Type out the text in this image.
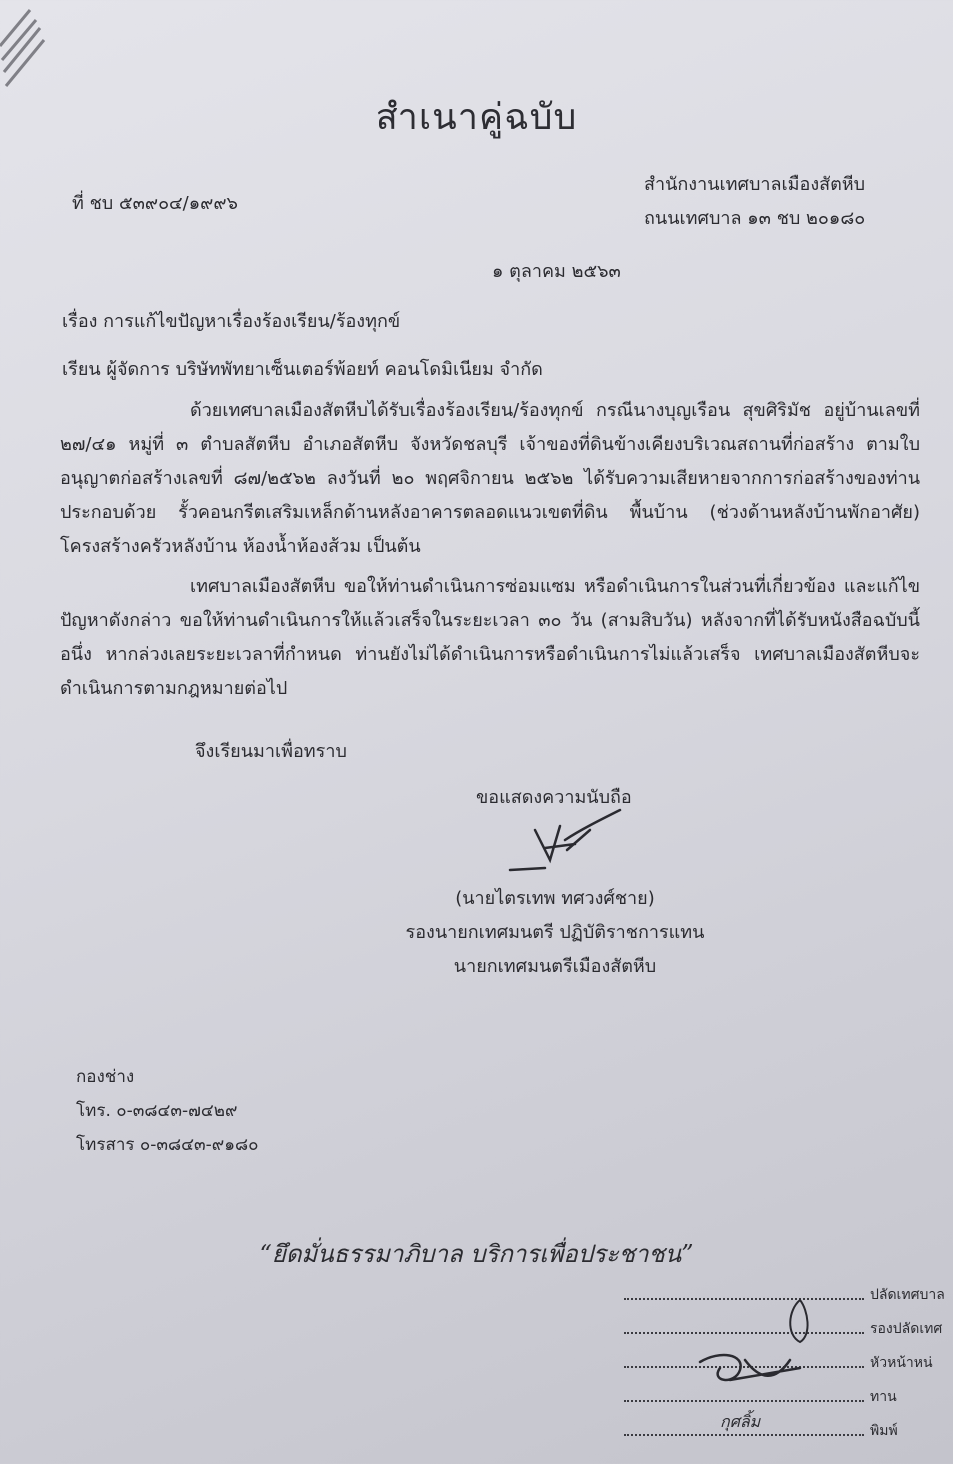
สำเนาคู่ฉบับ
ที่ ชบ ๕๓๙๐๔/๑๙๙๖
สำนักงานเทศบาลเมืองสัตหีบ
ถนนเทศบาล ๑๓ ชบ ๒๐๑๘๐
๑ ตุลาคม ๒๕๖๓
เรื่อง การแก้ไขปัญหาเรื่องร้องเรียน/ร้องทุกข์
เรียน ผู้จัดการ บริษัทพัทยาเซ็นเตอร์พ้อยท์ คอนโดมิเนียม จำกัด
ด้วยเทศบาลเมืองสัตหีบได้รับเรื่องร้องเรียน/ร้องทุกข์ กรณีนางบุญเรือน สุขศิริมัช อยู่บ้านเลขที่ ๒๗/๔๑ หมู่ที่ ๓ ตำบลสัตหีบ อำเภอสัตหีบ จังหวัดชลบุรี เจ้าของที่ดินข้างเคียงบริเวณสถานที่ก่อสร้าง ตามใบอนุญาตก่อสร้างเลขที่ ๘๗/๒๕๖๒ ลงวันที่ ๒๐ พฤศจิกายน ๒๕๖๒ ได้รับความเสียหายจากการก่อสร้างของท่าน ประกอบด้วย รั้วคอนกรีตเสริมเหล็กด้านหลังอาคารตลอดแนวเขตที่ดิน พื้นบ้าน (ช่วงด้านหลังบ้านพักอาศัย) โครงสร้างครัวหลังบ้าน ห้องน้ำห้องส้วม เป็นต้น
เทศบาลเมืองสัตหีบ ขอให้ท่านดำเนินการซ่อมแซม หรือดำเนินการในส่วนที่เกี่ยวข้อง และแก้ไขปัญหาดังกล่าว ขอให้ท่านดำเนินการให้แล้วเสร็จในระยะเวลา ๓๐ วัน (สามสิบวัน) หลังจากที่ได้รับหนังสือฉบับนี้ อนึ่ง หากล่วงเลยระยะเวลาที่กำหนด ท่านยังไม่ได้ดำเนินการหรือดำเนินการไม่แล้วเสร็จ เทศบาลเมืองสัตหีบจะดำเนินการตามกฎหมายต่อไป
จึงเรียนมาเพื่อทราบ
ขอแสดงความนับถือ
(นายไตรเทพ ทศวงศ์ชาย)
รองนายกเทศมนตรี ปฏิบัติราชการแทน
นายกเทศมนตรีเมืองสัตหีบ
กองช่าง
โทร. ๐-๓๘๔๓-๗๔๒๙
โทรสาร ๐-๓๘๔๓-๙๑๘๐
“ยึดมั่นธรรมาภิบาล บริการเพื่อประชาชน”
ปลัดเทศบาล
รองปลัดเทศ
หัวหน้าหน่
ทาน
พิมพ์
กุศลิ้ม
